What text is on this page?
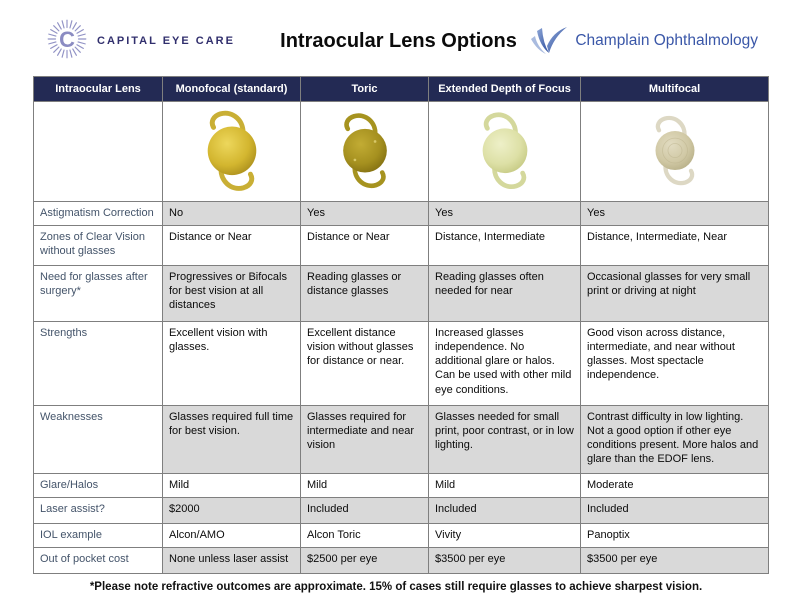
C CAPITAL EYE CARE	Intraocular Lens Options	Champlain Ophthalmology
Intraocular Lens	Monofocal (standard)	Toric	Extended Depth of Focus	Multifocal

Astigmatism Correction	No	Yes	Yes	Yes
Zones of Clear Vision without glasses	Distance or Near	Distance or Near	Distance, Intermediate	Distance, Intermediate, Near
Need for glasses after surgery*	Progressives or Bifocals for best vision at all distances	Reading glasses or distance glasses	Reading glasses often needed for near	Occasional glasses for very small print or driving at night
Strengths	Excellent vision with glasses.	Excellent distance vision without glasses for distance or near.	Increased glasses independence. No additional glare or halos. Can be used with other mild eye conditions.	Good vison across distance, intermediate, and near without glasses. Most spectacle independence.
Weaknesses	Glasses required full time for best vision.	Glasses required for intermediate and near vision	Glasses needed for small print, poor contrast, or in low lighting.	Contrast difficulty in low lighting. Not a good option if other eye conditions present. More halos and glare than the EDOF lens.
Glare/Halos	Mild	Mild	Mild	Moderate
Laser assist?	$2000	Included	Included	Included
IOL example	Alcon/AMO	Alcon Toric	Vivity	Panoptix
Out of pocket cost	None unless laser assist	$2500 per eye	$3500 per eye	$3500 per eye

*Please note refractive outcomes are approximate. 15% of cases still require glasses to achieve sharpest vision.
